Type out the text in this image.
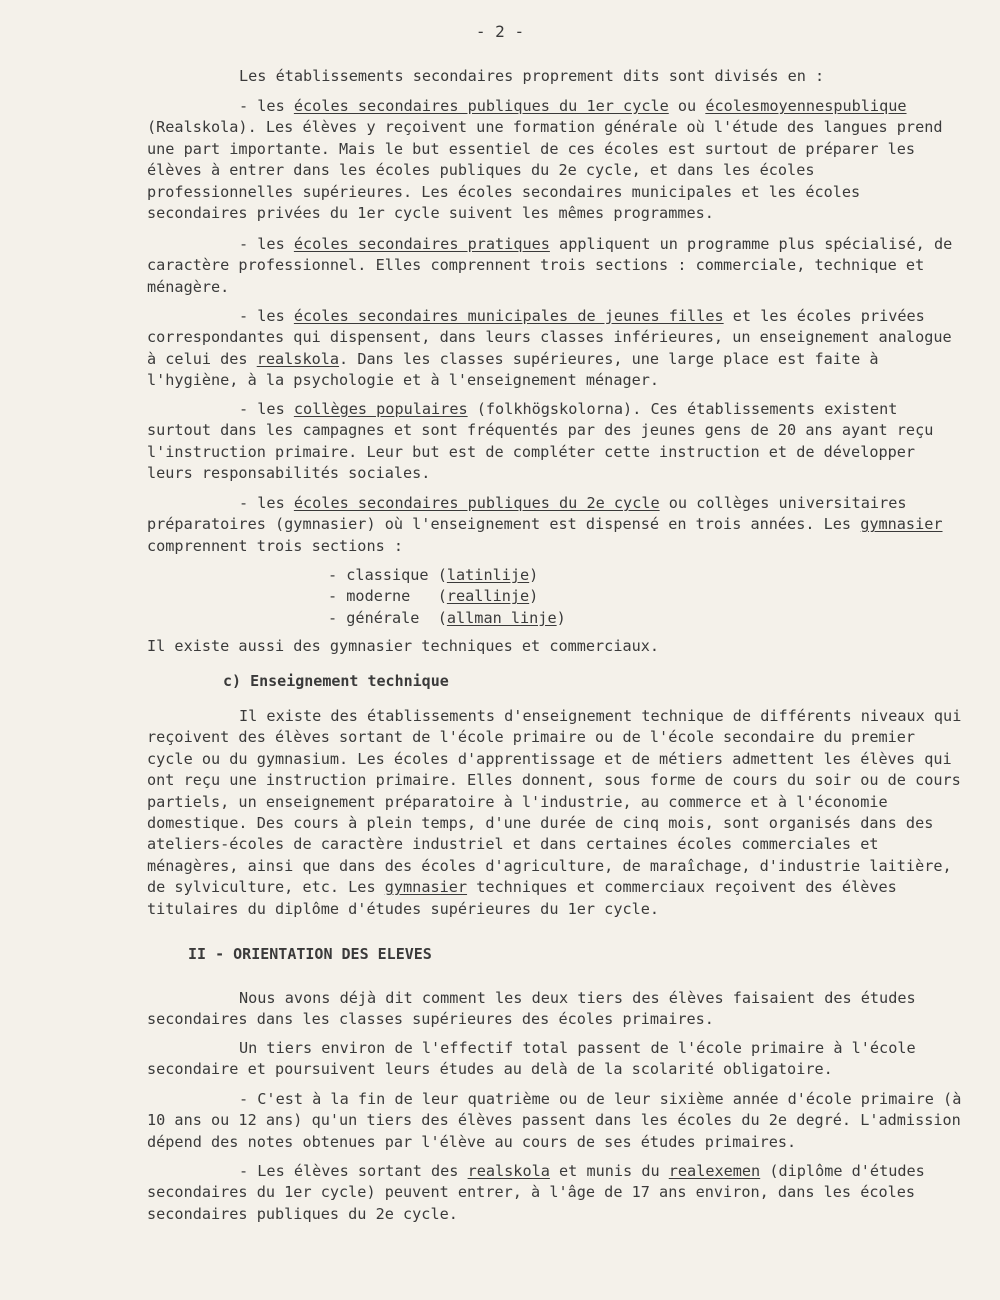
- 2 -

Les établissements secondaires proprement dits sont divisés en :

- les écoles secondaires publiques du 1er cycle ou écolesmoyennespublique (Realskola). Les élèves y reçoivent une formation générale où l'étude des langues prend une part importante. Mais le but essentiel de ces écoles est surtout de préparer les élèves à entrer dans les écoles publiques du 2e cycle, et dans les écoles professionnelles supérieures. Les écoles secondaires municipales et les écoles secondaires privées du 1er cycle suivent les mêmes programmes.

- les écoles secondaires pratiques appliquent un programme plus spécialisé, de caractère professionnel. Elles comprennent trois sections : commerciale, technique et ménagère.

- les écoles secondaires municipales de jeunes filles et les écoles privées correspondantes qui dispensent, dans leurs classes inférieures, un enseignement analogue à celui des realskola. Dans les classes supérieures, une large place est faite à l'hygiène, à la psychologie et à l'enseignement ménager.

- les collèges populaires (folkhögskolorna). Ces établissements existent surtout dans les campagnes et sont fréquentés par des jeunes gens de 20 ans ayant reçu l'instruction primaire. Leur but est de compléter cette instruction et de développer leurs responsabilités sociales.

- les écoles secondaires publiques du 2e cycle ou collèges universitaires préparatoires (gymnasier) où l'enseignement est dispensé en trois années. Les gymnasier comprennent trois sections :

- classique (latinlije)
- moderne   (reallinje)
- générale  (allman linje)

Il existe aussi des gymnasier techniques et commerciaux.

c) Enseignement technique

Il existe des établissements d'enseignement technique de différents niveaux qui reçoivent des élèves sortant de l'école primaire ou de l'école secondaire du premier cycle ou du gymnasium. Les écoles d'apprentissage et de métiers admettent les élèves qui ont reçu une instruction primaire. Elles donnent, sous forme de cours du soir ou de cours partiels, un enseignement préparatoire à l'industrie, au commerce et à l'économie domestique. Des cours à plein temps, d'une durée de cinq mois, sont organisés dans des ateliers-écoles de caractère industriel et dans certaines écoles commerciales et ménagères, ainsi que dans des écoles d'agriculture, de maraîchage, d'industrie laitière, de sylviculture, etc. Les gymnasier techniques et commerciaux reçoivent des élèves titulaires du diplôme d'études supérieures du 1er cycle.

II - ORIENTATION DES ELEVES

Nous avons déjà dit comment les deux tiers des élèves faisaient des études secondaires dans les classes supérieures des écoles primaires.

Un tiers environ de l'effectif total passent de l'école primaire à l'école secondaire et poursuivent leurs études au delà de la scolarité obligatoire.

- C'est à la fin de leur quatrième ou de leur sixième année d'école primaire (à 10 ans ou 12 ans) qu'un tiers des élèves passent dans les écoles du 2e degré. L'admission dépend des notes obtenues par l'élève au cours de ses études primaires.

- Les élèves sortant des realskola et munis du realexemen (diplôme d'études secondaires du 1er cycle) peuvent entrer, à l'âge de 17 ans environ, dans les écoles secondaires publiques du 2e cycle.
